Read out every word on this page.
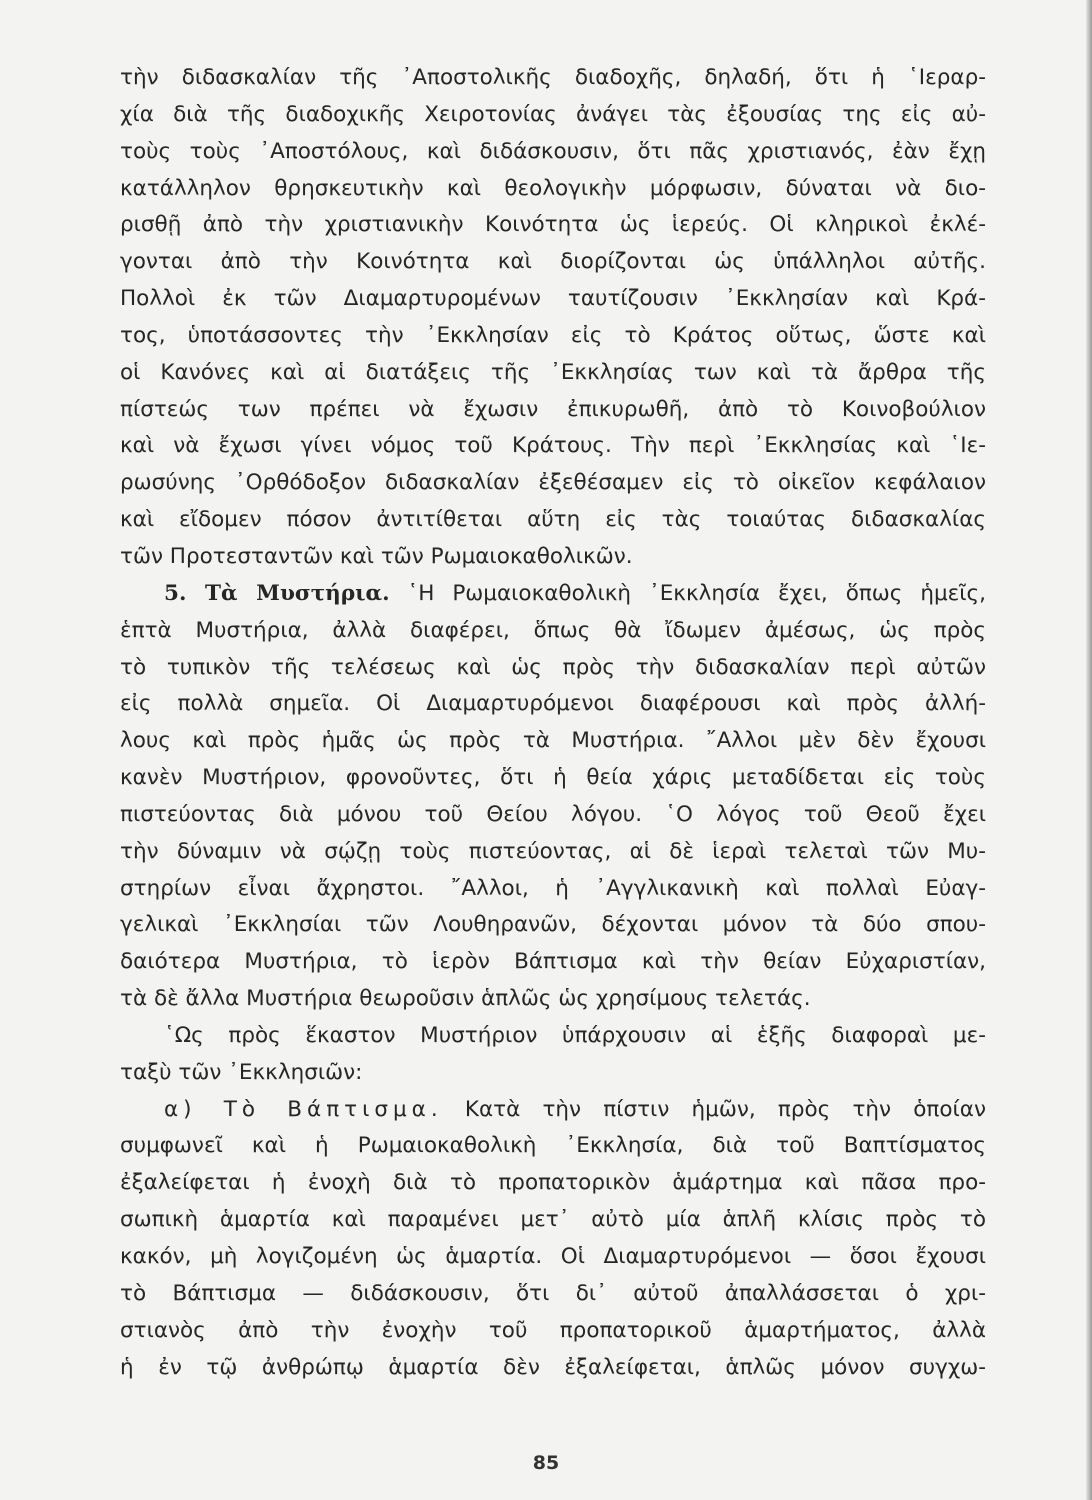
τὴν διδασκαλίαν τῆς ᾽Αποστολικῆς διαδοχῆς, δηλαδή, ὅτι ἡ ῾Ιεραρ-
χία διὰ τῆς διαδοχικῆς Χειροτονίας ἀνάγει τὰς ἐξουσίας της εἰς αὐ-
τοὺς τοὺς ᾽Αποστόλους, καὶ διδάσκουσιν, ὅτι πᾶς χριστιανός, ἐὰν ἔχῃ
κατάλληλον θρησκευτικὴν καὶ θεολογικὴν μόρφωσιν, δύναται νὰ διο-
ρισθῇ ἀπὸ τὴν χριστιανικὴν Κοινότητα ὡς ἱερεύς. Οἱ κληρικοὶ ἐκλέ-
γονται ἀπὸ τὴν Κοινότητα καὶ διορίζονται ὡς ὑπάλληλοι αὐτῆς.
Πολλοὶ ἐκ τῶν Διαμαρτυρομένων ταυτίζουσιν ᾽Εκκλησίαν καὶ Κρά-
τος, ὑποτάσσοντες τὴν ᾽Εκκλησίαν εἰς τὸ Κράτος οὕτως, ὥστε καὶ
οἱ Κανόνες καὶ αἱ διατάξεις τῆς ᾽Εκκλησίας των καὶ τὰ ἄρθρα τῆς
πίστεώς των πρέπει νὰ ἔχωσιν ἐπικυρωθῆ, ἀπὸ τὸ Κοινοβούλιον
καὶ νὰ ἔχωσι γίνει νόμος τοῦ Κράτους. Τὴν περὶ ᾽Εκκλησίας καὶ ῾Ιε-
ρωσύνης ᾽Ορθόδοξον διδασκαλίαν ἐξεθέσαμεν εἰς τὸ οἰκεῖον κεφάλαιον
καὶ εἴδομεν πόσον ἀντιτίθεται αὕτη εἰς τὰς τοιαύτας διδασκαλίας
τῶν Προτεσταντῶν καὶ τῶν Ρωμαιοκαθολικῶν.
5. Τὰ Μυστήρια. ῾Η Ρωμαιοκαθολικὴ ᾽Εκκλησία ἔχει, ὅπως ἡμεῖς,
ἑπτὰ Μυστήρια, ἀλλὰ διαφέρει, ὅπως θὰ ἴδωμεν ἀμέσως, ὡς πρὸς
τὸ τυπικὸν τῆς τελέσεως καὶ ὡς πρὸς τὴν διδασκαλίαν περὶ αὐτῶν
εἰς πολλὰ σημεῖα. Οἱ Διαμαρτυρόμενοι διαφέρουσι καὶ πρὸς ἀλλή-
λους καὶ πρὸς ἡμᾶς ὡς πρὸς τὰ Μυστήρια. ῎Αλλοι μὲν δὲν ἔχουσι
κανὲν Μυστήριον, φρονοῦντες, ὅτι ἡ θεία χάρις μεταδίδεται εἰς τοὺς
πιστεύοντας διὰ μόνου τοῦ Θείου λόγου. ῾Ο λόγος τοῦ Θεοῦ ἔχει
τὴν δύναμιν νὰ σῴζῃ τοὺς πιστεύοντας, αἱ δὲ ἱεραὶ τελεταὶ τῶν Μυ-
στηρίων εἶναι ἄχρηστοι. ῎Αλλοι, ἡ ᾽Αγγλικανικὴ καὶ πολλαὶ Εὐαγ-
γελικαὶ ᾽Εκκλησίαι τῶν Λουθηρανῶν, δέχονται μόνον τὰ δύο σπου-
δαιότερα Μυστήρια, τὸ ἱερὸν Βάπτισμα καὶ τὴν θείαν Εὐχαριστίαν,
τὰ δὲ ἄλλα Μυστήρια θεωροῦσιν ἁπλῶς ὡς χρησίμους τελετάς.
῾Ως πρὸς ἕκαστον Μυστήριον ὑπάρχουσιν αἱ ἑξῆς διαφοραὶ με-
ταξὺ τῶν ᾽Εκκλησιῶν:
α) Τὸ Βάπτισμα. Κατὰ τὴν πίστιν ἡμῶν, πρὸς τὴν ὁποίαν
συμφωνεῖ καὶ ἡ Ρωμαιοκαθολικὴ ᾽Εκκλησία, διὰ τοῦ Βαπτίσματος
ἐξαλείφεται ἡ ἐνοχὴ διὰ τὸ προπατορικὸν ἁμάρτημα καὶ πᾶσα προ-
σωπικὴ ἁμαρτία καὶ παραμένει μετ᾽ αὐτὸ μία ἁπλῆ κλίσις πρὸς τὸ
κακόν, μὴ λογιζομένη ὡς ἁμαρτία. Οἱ Διαμαρτυρόμενοι — ὅσοι ἔχουσι
τὸ Βάπτισμα — διδάσκουσιν, ὅτι δι᾽ αὐτοῦ ἀπαλλάσσεται ὁ χρι-
στιανὸς ἀπὸ τὴν ἐνοχὴν τοῦ προπατορικοῦ ἁμαρτήματος, ἀλλὰ
ἡ ἐν τῷ ἀνθρώπῳ ἁμαρτία δὲν ἐξαλείφεται, ἁπλῶς μόνον συγχω-
85
